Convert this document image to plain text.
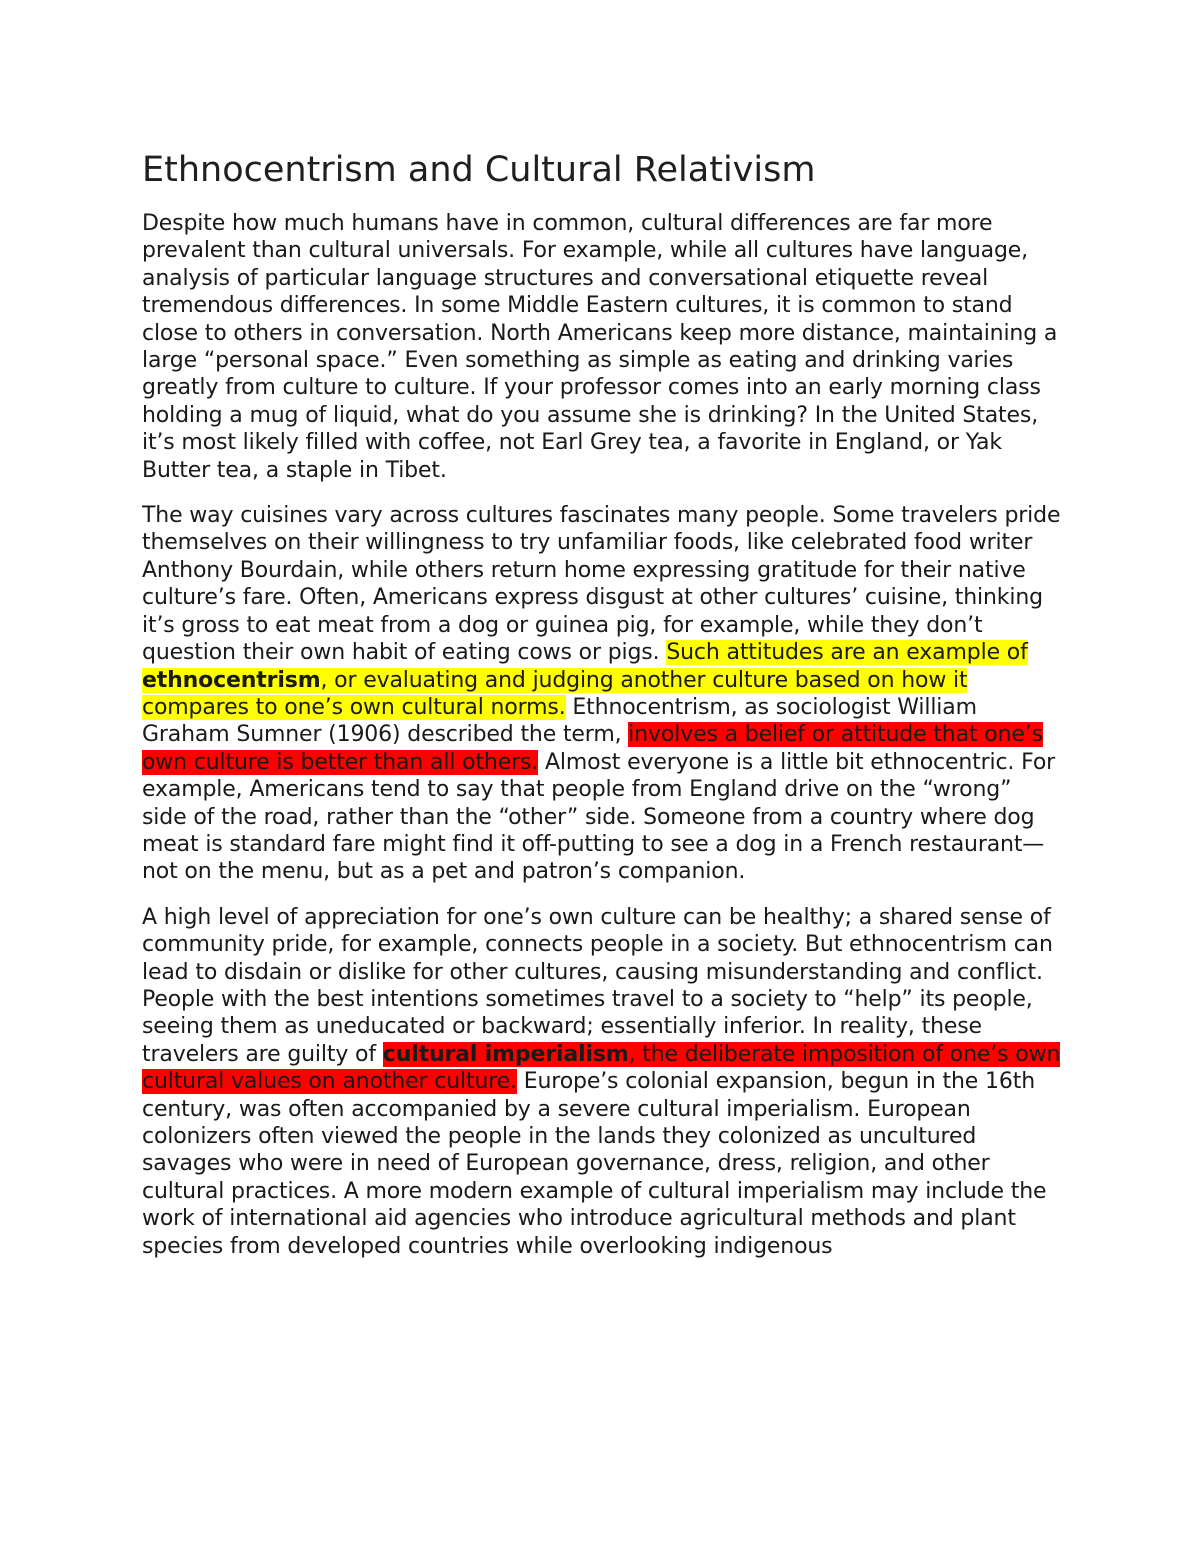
Ethnocentrism and Cultural Relativism

Despite how much humans have in common, cultural differences are far more prevalent than cultural universals. For example, while all cultures have language, analysis of particular language structures and conversational etiquette reveal tremendous differences. In some Middle Eastern cultures, it is common to stand close to others in conversation. North Americans keep more distance, maintaining a large “personal space.” Even something as simple as eating and drinking varies greatly from culture to culture. If your professor comes into an early morning class holding a mug of liquid, what do you assume she is drinking? In the United States, it’s most likely filled with coffee, not Earl Grey tea, a favorite in England, or Yak Butter tea, a staple in Tibet.

The way cuisines vary across cultures fascinates many people. Some travelers pride themselves on their willingness to try unfamiliar foods, like celebrated food writer Anthony Bourdain, while others return home expressing gratitude for their native culture’s fare. Often, Americans express disgust at other cultures’ cuisine, thinking it’s gross to eat meat from a dog or guinea pig, for example, while they don’t question their own habit of eating cows or pigs. Such attitudes are an example of ethnocentrism, or evaluating and judging another culture based on how it compares to one’s own cultural norms. Ethnocentrism, as sociologist William Graham Sumner (1906) described the term, involves a belief or attitude that one’s own culture is better than all others. Almost everyone is a little bit ethnocentric. For example, Americans tend to say that people from England drive on the “wrong” side of the road, rather than the “other” side. Someone from a country where dog meat is standard fare might find it off-putting to see a dog in a French restaurant—not on the menu, but as a pet and patron’s companion.

A high level of appreciation for one’s own culture can be healthy; a shared sense of community pride, for example, connects people in a society. But ethnocentrism can lead to disdain or dislike for other cultures, causing misunderstanding and conflict. People with the best intentions sometimes travel to a society to “help” its people, seeing them as uneducated or backward; essentially inferior. In reality, these travelers are guilty of cultural imperialism, the deliberate imposition of one’s own cultural values on another culture. Europe’s colonial expansion, begun in the 16th century, was often accompanied by a severe cultural imperialism. European colonizers often viewed the people in the lands they colonized as uncultured savages who were in need of European governance, dress, religion, and other cultural practices. A more modern example of cultural imperialism may include the work of international aid agencies who introduce agricultural methods and plant species from developed countries while overlooking indigenous
